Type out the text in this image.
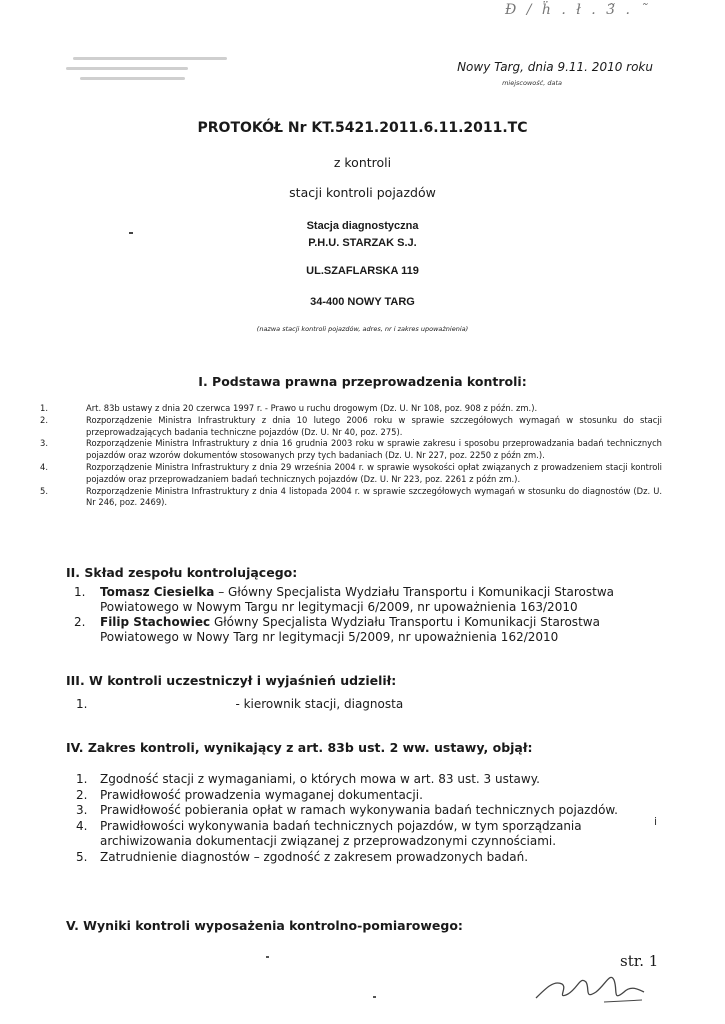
Đ / ḧ . ł . 3̃ . ˜
Nowy Targ, dnia 9.11. 2010 roku
miejscowość, data
PROTOKÓŁ Nr KT.5421.2011.6.11.2011.TC
z kontroli
stacji kontroli pojazdów
Stacja diagnostyczna
P.H.U. STARZAK S.J.
UL.SZAFLARSKA 119
34-400 NOWY TARG
(nazwa stacji kontroli pojazdów, adres, nr i zakres upoważnienia)
I. Podstawa prawna przeprowadzenia kontroli:
1.	Art. 83b ustawy z dnia 20 czerwca 1997 r. - Prawo u ruchu drogowym (Dz. U. Nr 108, poz. 908 z późn. zm.).
2.	Rozporządzenie Ministra Infrastruktury z dnia 10 lutego 2006 roku w sprawie szczegółowych wymagań w stosunku do stacji przeprowadzających badania techniczne pojazdów (Dz. U. Nr 40, poz. 275).
3.	Rozporządzenie Ministra Infrastruktury z dnia 16 grudnia 2003 roku w sprawie zakresu i sposobu przeprowadzania badań technicznych pojazdów oraz wzorów dokumentów stosowanych przy tych badaniach (Dz. U. Nr 227, poz. 2250 z późn zm.).
4.	Rozporządzenie Ministra Infrastruktury z dnia 29 września 2004 r. w sprawie wysokości opłat związanych z prowadzeniem stacji kontroli pojazdów oraz przeprowadzaniem badań technicznych pojazdów (Dz. U. Nr 223, poz. 2261 z późn zm.).
5.	Rozporządzenie Ministra Infrastruktury z dnia 4 listopada 2004 r. w sprawie szczegółowych wymagań w stosunku do diagnostów (Dz. U. Nr 246, poz. 2469).
II. Skład zespołu kontrolującego:
1. Tomasz Ciesielka – Główny Specjalista Wydziału Transportu i Komunikacji Starostwa Powiatowego w Nowym Targu nr legitymacji 6/2009, nr upoważnienia 163/2010
2. Filip Stachowiec Główny Specjalista Wydziału Transportu i Komunikacji Starostwa Powiatowego w Nowy Targ nr legitymacji 5/2009, nr upoważnienia 162/2010
III. W kontroli uczestniczył i wyjaśnień udzielił:
1.	- kierownik stacji, diagnosta
IV. Zakres kontroli, wynikający z art. 83b ust. 2 ww. ustawy, objął:
1. Zgodność stacji z wymaganiami, o których mowa w art. 83 ust. 3 ustawy.
2. Prawidłowość prowadzenia wymaganej dokumentacji.
3. Prawidłowość pobierania opłat w ramach wykonywania badań technicznych pojazdów.
4. Prawidłowości wykonywania badań technicznych pojazdów, w tym sporządzania archiwizowania dokumentacji związanej z przeprowadzonymi czynnościami.
5. Zatrudnienie diagnostów – zgodność z zakresem prowadzonych badań.
i
V. Wyniki kontroli wyposażenia kontrolno-pomiarowego:
str. 1
